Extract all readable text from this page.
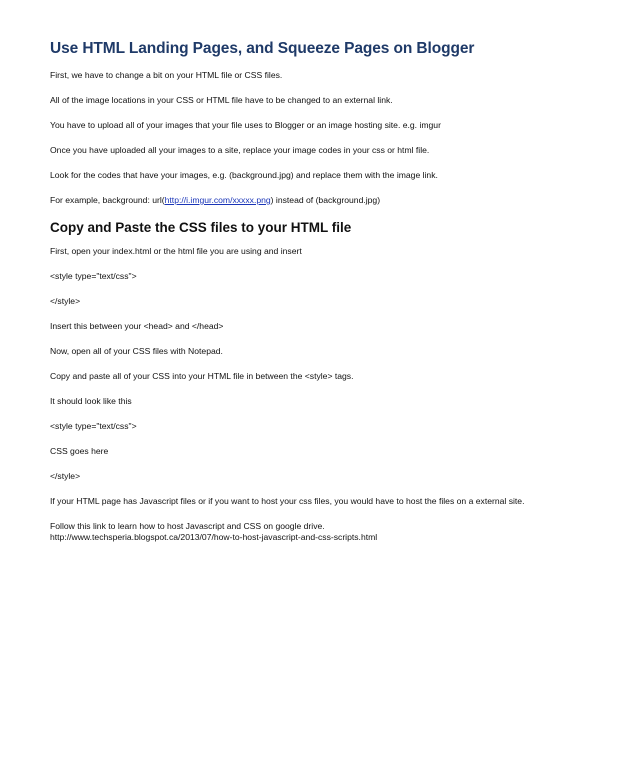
Use HTML Landing Pages, and Squeeze Pages on Blogger
First, we have to change a bit on your HTML file or CSS files.
All of the image locations in your CSS or HTML file have to be changed to an external link.
You have to upload all of your images that your file uses to Blogger or an image hosting site. e.g. imgur
Once you have uploaded all your images to a site, replace your image codes in your css or html file.
Look for the codes that have your images, e.g. (background.jpg) and replace them with the image link.
For example, background: url(http://i.imgur.com/xxxxx.png) instead of (background.jpg)
Copy and Paste the CSS files to your HTML file
First, open your index.html or the html file you are using and insert
<style type="text/css">
</style>
Insert this between your <head> and </head>
Now, open all of your CSS files with Notepad.
Copy and paste all of your CSS into your HTML file in between the <style> tags.
It should look like this
<style type="text/css">
CSS goes here
</style>
If your HTML page has Javascript files or if you want to host your css files, you would have to host the files on a external site.
Follow this link to learn how to host Javascript and CSS on google drive.
http://www.techsperia.blogspot.ca/2013/07/how-to-host-javascript-and-css-scripts.html
